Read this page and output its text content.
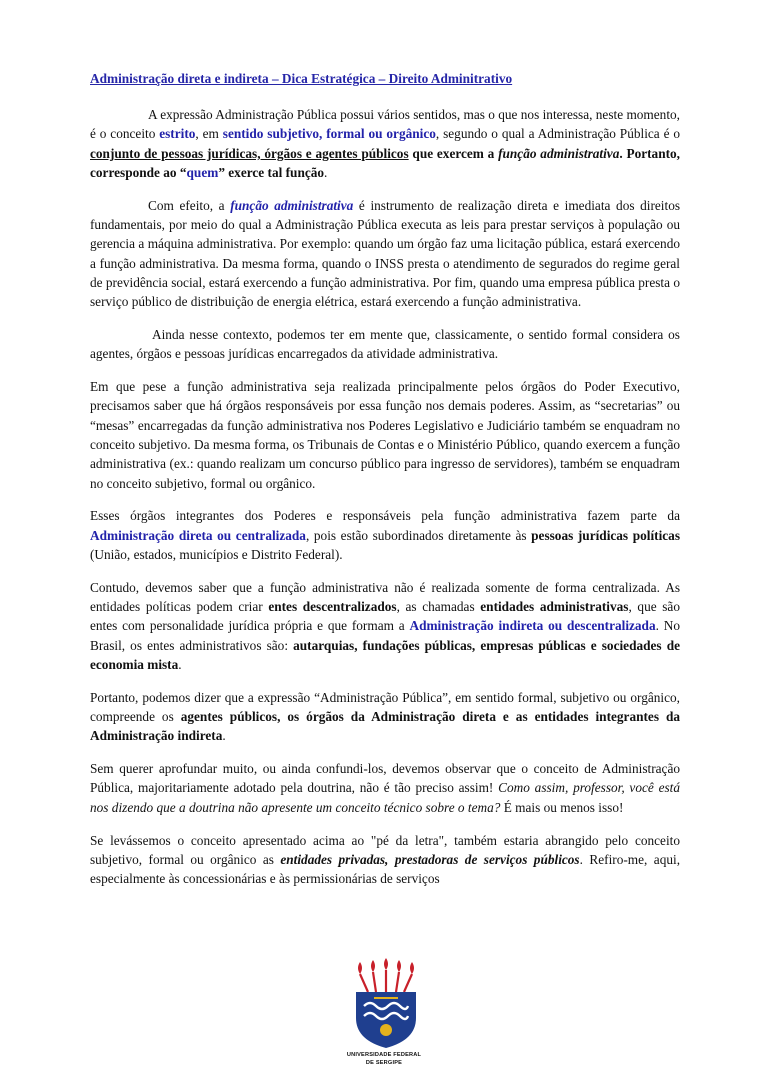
Administração direta e indireta – Dica Estratégica – Direito Adminitrativo

A expressão Administração Pública possui vários sentidos, mas o que nos interessa, neste momento, é o conceito estrito, em sentido subjetivo, formal ou orgânico, segundo o qual a Administração Pública é o conjunto de pessoas jurídicas, órgãos e agentes públicos que exercem a função administrativa. Portanto, corresponde ao “quem” exerce tal função.

Com efeito, a função administrativa é instrumento de realização direta e imediata dos direitos fundamentais, por meio do qual a Administração Pública executa as leis para prestar serviços à população ou gerencia a máquina administrativa. Por exemplo: quando um órgão faz uma licitação pública, estará exercendo a função administrativa. Da mesma forma, quando o INSS presta o atendimento de segurados do regime geral de previdência social, estará exercendo a função administrativa. Por fim, quando uma empresa pública presta o serviço público de distribuição de energia elétrica, estará exercendo a função administrativa.

Ainda nesse contexto, podemos ter em mente que, classicamente, o sentido formal considera os agentes, órgãos e pessoas jurídicas encarregados da atividade administrativa.

Em que pese a função administrativa seja realizada principalmente pelos órgãos do Poder Executivo, precisamos saber que há órgãos responsáveis por essa função nos demais poderes. Assim, as “secretarias” ou “mesas” encarregadas da função administrativa nos Poderes Legislativo e Judiciário também se enquadram no conceito subjetivo. Da mesma forma, os Tribunais de Contas e o Ministério Público, quando exercem a função administrativa (ex.: quando realizam um concurso público para ingresso de servidores), também se enquadram no conceito subjetivo, formal ou orgânico.

Esses órgãos integrantes dos Poderes e responsáveis pela função administrativa fazem parte da Administração direta ou centralizada, pois estão subordinados diretamente às pessoas jurídicas políticas (União, estados, municípios e Distrito Federal).

Contudo, devemos saber que a função administrativa não é realizada somente de forma centralizada. As entidades políticas podem criar entes descentralizados, as chamadas entidades administrativas, que são entes com personalidade jurídica própria e que formam a Administração indireta ou descentralizada. No Brasil, os entes administrativos são: autarquias, fundações públicas, empresas públicas e sociedades de economia mista.

Portanto, podemos dizer que a expressão “Administração Pública”, em sentido formal, subjetivo ou orgânico, compreende os agentes públicos, os órgãos da Administração direta e as entidades integrantes da Administração indireta.

Sem querer aprofundar muito, ou ainda confundi-los, devemos observar que o conceito de Administração Pública, majoritariamente adotado pela doutrina, não é tão preciso assim! Como assim, professor, você está nos dizendo que a doutrina não apresente um conceito técnico sobre o tema? É mais ou menos isso!

Se levássemos o conceito apresentado acima ao "pé da letra", também estaria abrangido pelo conceito subjetivo, formal ou orgânico as entidades privadas, prestadoras de serviços públicos. Refiro-me, aqui, especialmente às concessionárias e às permissionárias de serviços

UNIVERSIDADE FEDERAL
DE SERGIPE
